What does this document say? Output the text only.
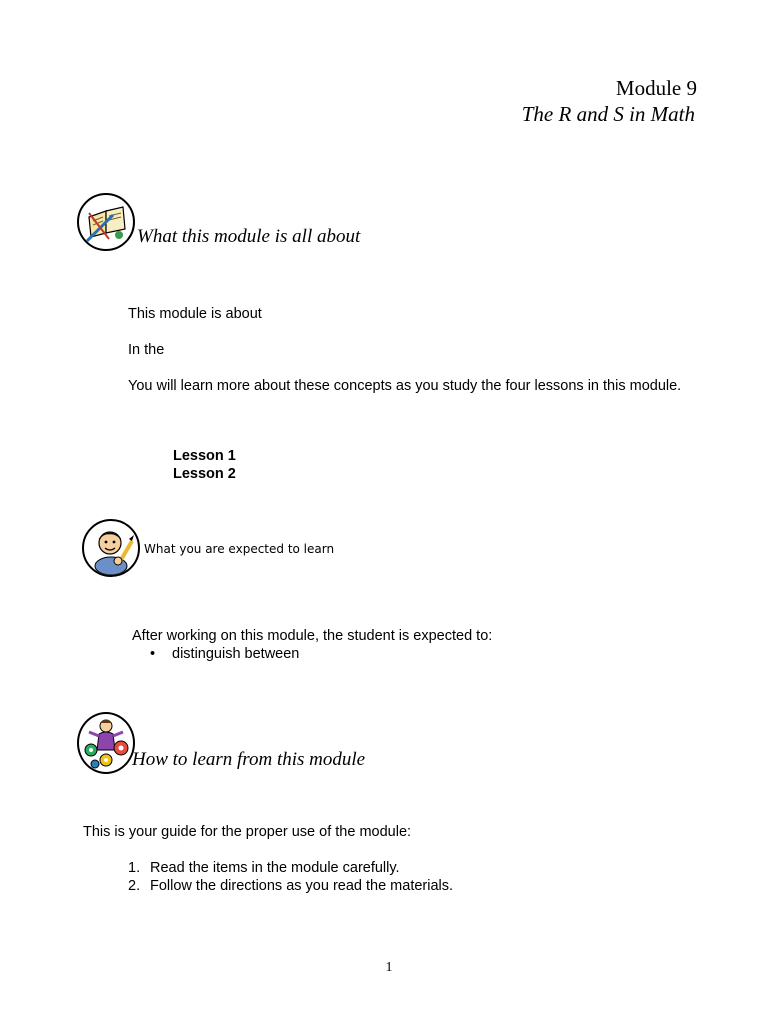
Module 9
The R and S in Math
What this module is all about
This module is about
In the
You will learn more about these concepts as you study the four lessons in this module.
Lesson 1
Lesson 2
What you are expected to learn
After working on this module, the student is expected to:
• distinguish between
How to learn from this module
This is your guide for the proper use of the module:
1. Read the items in the module carefully.
2. Follow the directions as you read the materials.
1
